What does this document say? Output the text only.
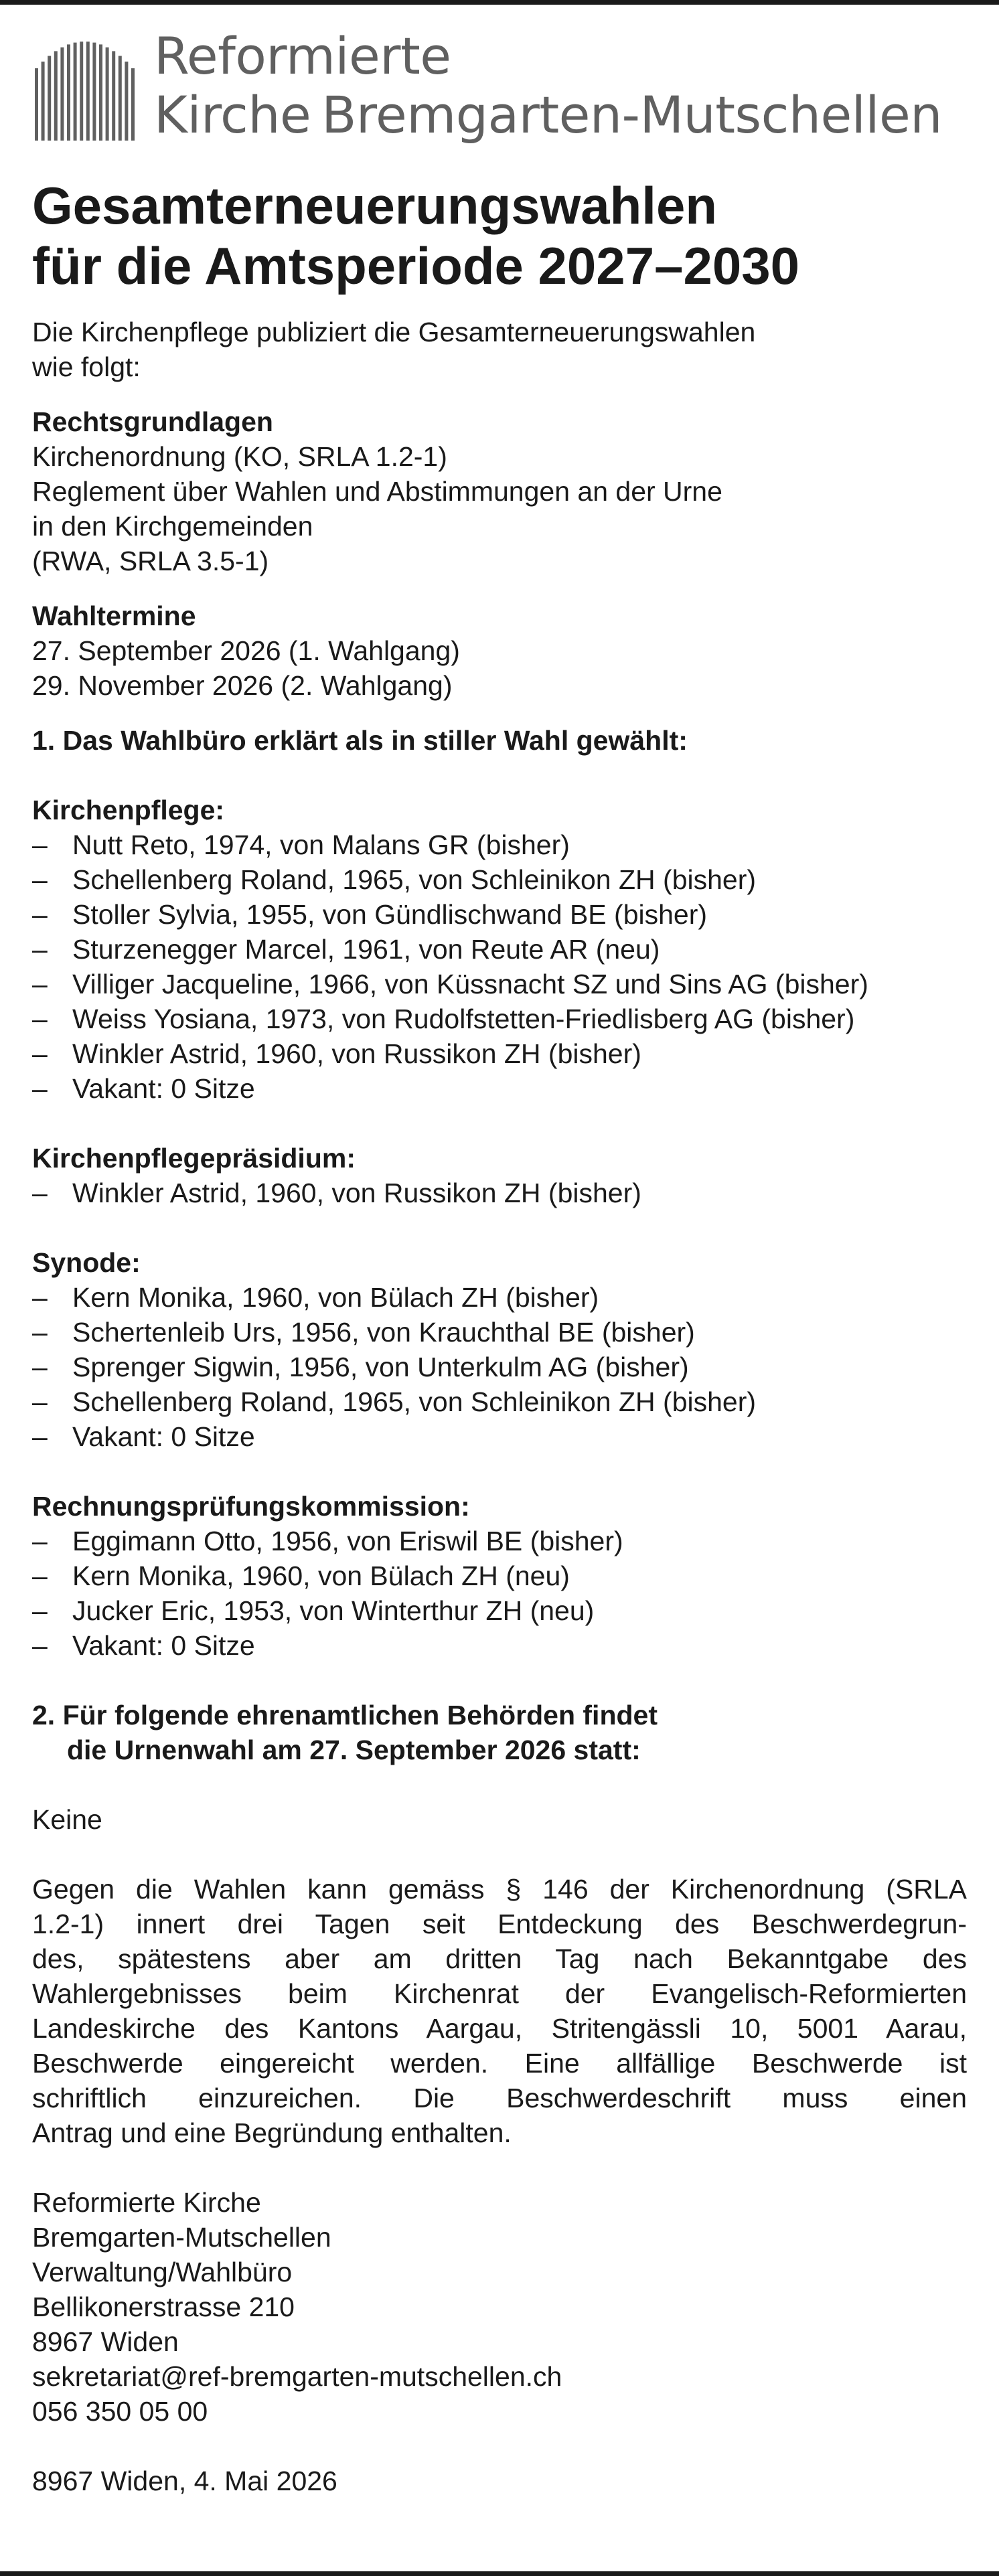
Reformierte
Kirche Bremgarten-Mutschellen
Gesamterneuerungswahlen
für die Amtsperiode 2027–2030
Die Kirchenpflege publiziert die Gesamterneuerungswahlen
wie folgt:
Rechtsgrundlagen
Kirchenordnung (KO, SRLA 1.2-1)
Reglement über Wahlen und Abstimmungen an der Urne
in den Kirchgemeinden
(RWA, SRLA 3.5-1)
Wahltermine
27. September 2026 (1. Wahlgang)
29. November 2026 (2. Wahlgang)
1. Das Wahlbüro erklärt als in stiller Wahl gewählt:
Kirchenpflege:
– Nutt Reto, 1974, von Malans GR (bisher)
– Schellenberg Roland, 1965, von Schleinikon ZH (bisher)
– Stoller Sylvia, 1955, von Gündlischwand BE (bisher)
– Sturzenegger Marcel, 1961, von Reute AR (neu)
– Villiger Jacqueline, 1966, von Küssnacht SZ und Sins AG (bisher)
– Weiss Yosiana, 1973, von Rudolfstetten-Friedlisberg AG (bisher)
– Winkler Astrid, 1960, von Russikon ZH (bisher)
– Vakant: 0 Sitze
Kirchenpflegepräsidium:
– Winkler Astrid, 1960, von Russikon ZH (bisher)
Synode:
– Kern Monika, 1960, von Bülach ZH (bisher)
– Schertenleib Urs, 1956, von Krauchthal BE (bisher)
– Sprenger Sigwin, 1956, von Unterkulm AG (bisher)
– Schellenberg Roland, 1965, von Schleinikon ZH (bisher)
– Vakant: 0 Sitze
Rechnungsprüfungskommission:
– Eggimann Otto, 1956, von Eriswil BE (bisher)
– Kern Monika, 1960, von Bülach ZH (neu)
– Jucker Eric, 1953, von Winterthur ZH (neu)
– Vakant: 0 Sitze
2. Für folgende ehrenamtlichen Behörden findet
die Urnenwahl am 27. September 2026 statt:
Keine
Gegen die Wahlen kann gemäss § 146 der Kirchenordnung (SRLA
1.2-1) innert drei Tagen seit Entdeckung des Beschwerdegrun-
des, spätestens aber am dritten Tag nach Bekanntgabe des
Wahlergebnisses beim Kirchenrat der Evangelisch-Reformierten
Landeskirche des Kantons Aargau, Stritengässli 10, 5001 Aarau,
Beschwerde eingereicht werden. Eine allfällige Beschwerde ist
schriftlich einzureichen. Die Beschwerdeschrift muss einen
Antrag und eine Begründung enthalten.
Reformierte Kirche
Bremgarten-Mutschellen
Verwaltung/Wahlbüro
Bellikonerstrasse 210
8967 Widen
sekretariat@ref-bremgarten-mutschellen.ch
056 350 05 00
8967 Widen, 4. Mai 2026
